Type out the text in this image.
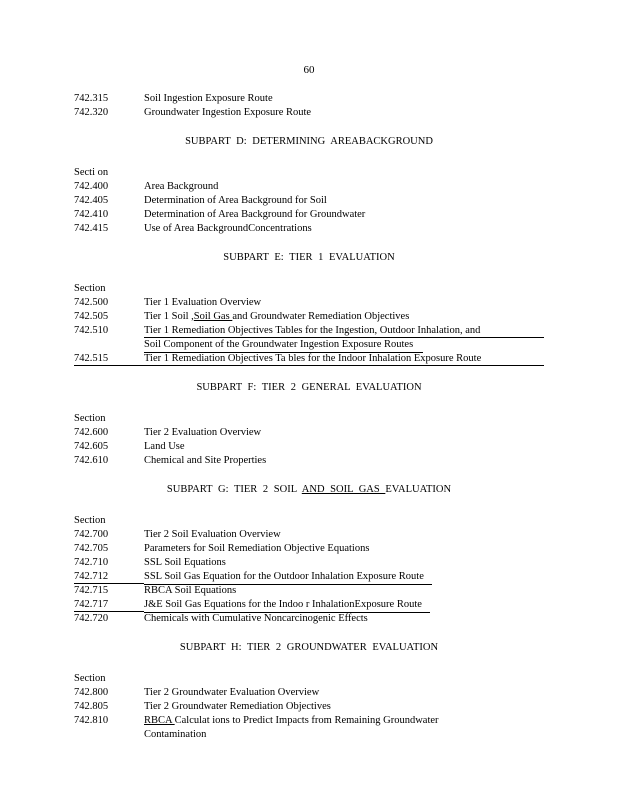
60
742.315	Soil Ingestion Exposure Route
742.320	Groundwater Ingestion Exposure Route
SUBPART D: DETERMINING AREABACKGROUND
Secti on
742.400	Area Background
742.405	Determination of Area Background for Soil
742.410	Determination of Area Background for Groundwater
742.415	Use of Area BackgroundConcentrations
SUBPART E: TIER 1 EVALUATION
Section
742.500	Tier 1 Evaluation Overview
742.505	Tier 1 Soil ,Soil Gas and Groundwater Remediation Objectives
742.510	Tier 1 Remediation Objectives Tables for the Ingestion, Outdoor Inhalation, and
Soil Component of the Groundwater Ingestion Exposure Routes
742.515	Tier 1 Remediation Objectives Ta bles for the Indoor Inhalation Exposure Route
SUBPART F: TIER 2 GENERAL EVALUATION
Section
742.600	Tier 2 Evaluation Overview
742.605	Land Use
742.610	Chemical and Site Properties
SUBPART G: TIER 2 SOIL AND SOIL GAS EVALUATION
Section
742.700	Tier 2 Soil Evaluation Overview
742.705	Parameters for Soil Remediation Objective Equations
742.710	SSL Soil Equations
742.712	SSL Soil Gas Equation for the Outdoor Inhalation Exposure Route
742.715	RBCA Soil Equations
742.717	J&E Soil Gas Equations for the Indoo r InhalationExposure Route
742.720	Chemicals with Cumulative Noncarcinogenic Effects
SUBPART H: TIER 2 GROUNDWATER EVALUATION
Section
742.800	Tier 2 Groundwater Evaluation Overview
742.805	Tier 2 Groundwater Remediation Objectives
742.810	RBCA Calculat ions to Predict Impacts from Remaining Groundwater
Contamination
